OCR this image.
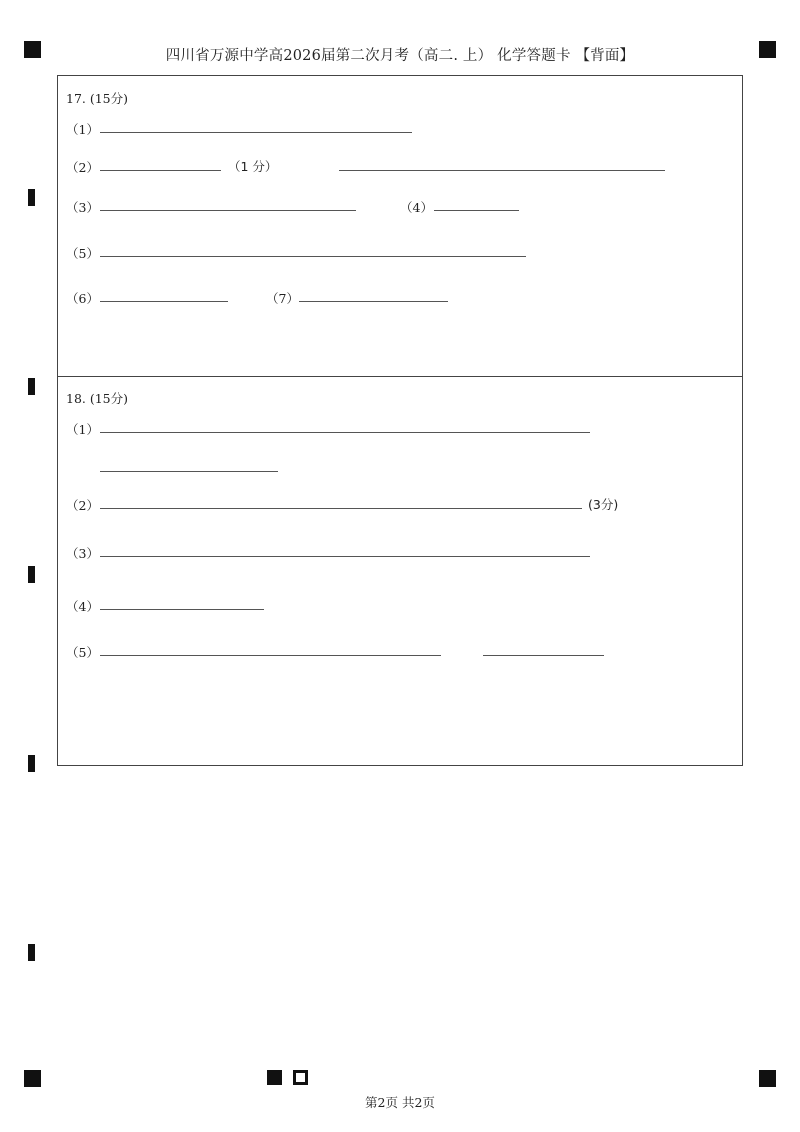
四川省万源中学高2026届第二次月考（高二. 上） 化学答题卡 【背面】
17. (15分)
（1）
（2）	（1 分）
（3）	（4）
（5）
（6）	（7）
18. (15分)
（1）
（2）	(3分)
（3）
（4）
（5）
第2页 共2页
